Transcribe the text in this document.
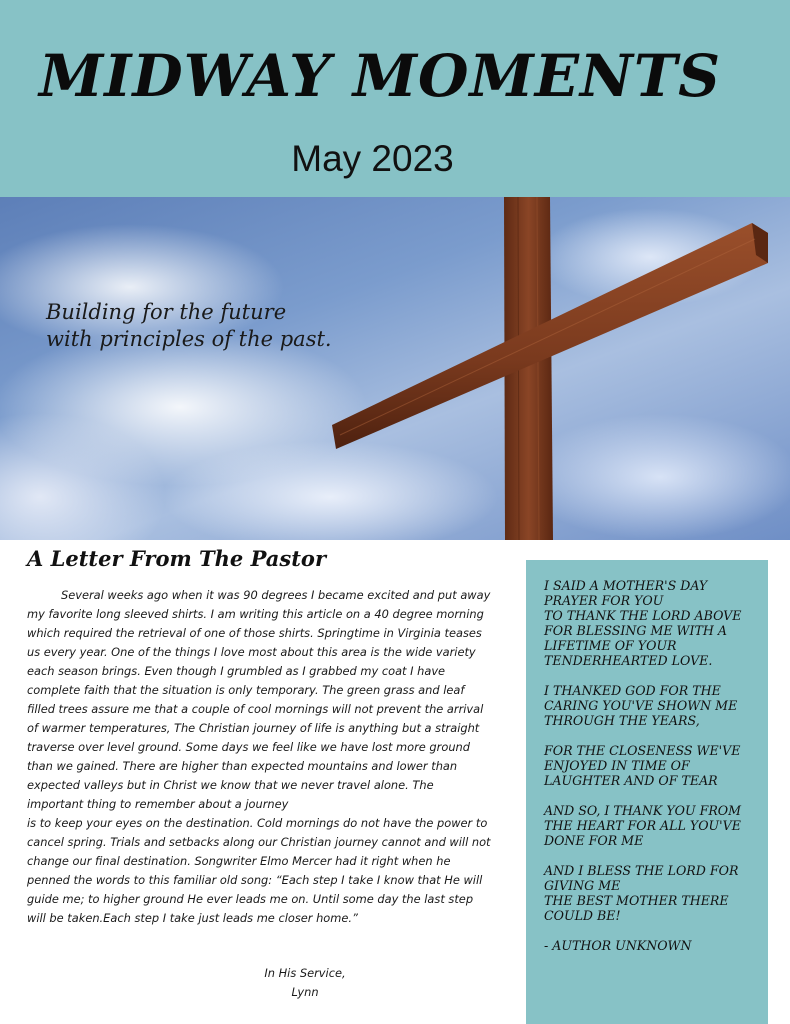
MIDWAY MOMENTS
May 2023
Building for the future
with principles of the past.
A Letter From The Pastor

Several weeks ago when it was 90 degrees I became excited and put away my favorite long sleeved shirts. I am writing this article on a 40 degree morning which required the retrieval of one of those shirts. Springtime in Virginia teases us every year. One of the things I love most about this area is the wide variety each season brings. Even though I grumbled as I grabbed my coat I have complete faith that the situation is only temporary. The green grass and leaf filled trees assure me that a couple of cool mornings will not prevent the arrival of warmer temperatures, The Christian journey of life is anything but a straight traverse over level ground. Some days we feel like we have lost more ground than we gained. There are higher than expected mountains and lower than expected valleys but in Christ we know that we never travel alone. The important thing to remember about a journey

is to keep your eyes on the destination. Cold mornings do not have the power to cancel spring. Trials and setbacks along our Christian journey cannot and will not change our final destination. Songwriter Elmo Mercer had it right when he penned the words to this familiar old song: “Each step I take I know that He will guide me; to higher ground He ever leads me on. Until some day the last step will be taken.Each step I take just leads me closer home.”

In His Service,
Lynn
I SAID A MOTHER'S DAY PRAYER FOR YOU
TO THANK THE LORD ABOVE FOR BLESSING ME WITH A LIFETIME OF YOUR TENDERHEARTED LOVE.
I THANKED GOD FOR THE CARING YOU'VE SHOWN ME THROUGH THE YEARS,
FOR THE CLOSENESS WE'VE ENJOYED IN TIME OF LAUGHTER AND OF TEAR
AND SO, I THANK YOU FROM THE HEART FOR ALL YOU'VE DONE FOR ME
AND I BLESS THE LORD FOR GIVING ME
THE BEST MOTHER THERE COULD BE!
- AUTHOR UNKNOWN
